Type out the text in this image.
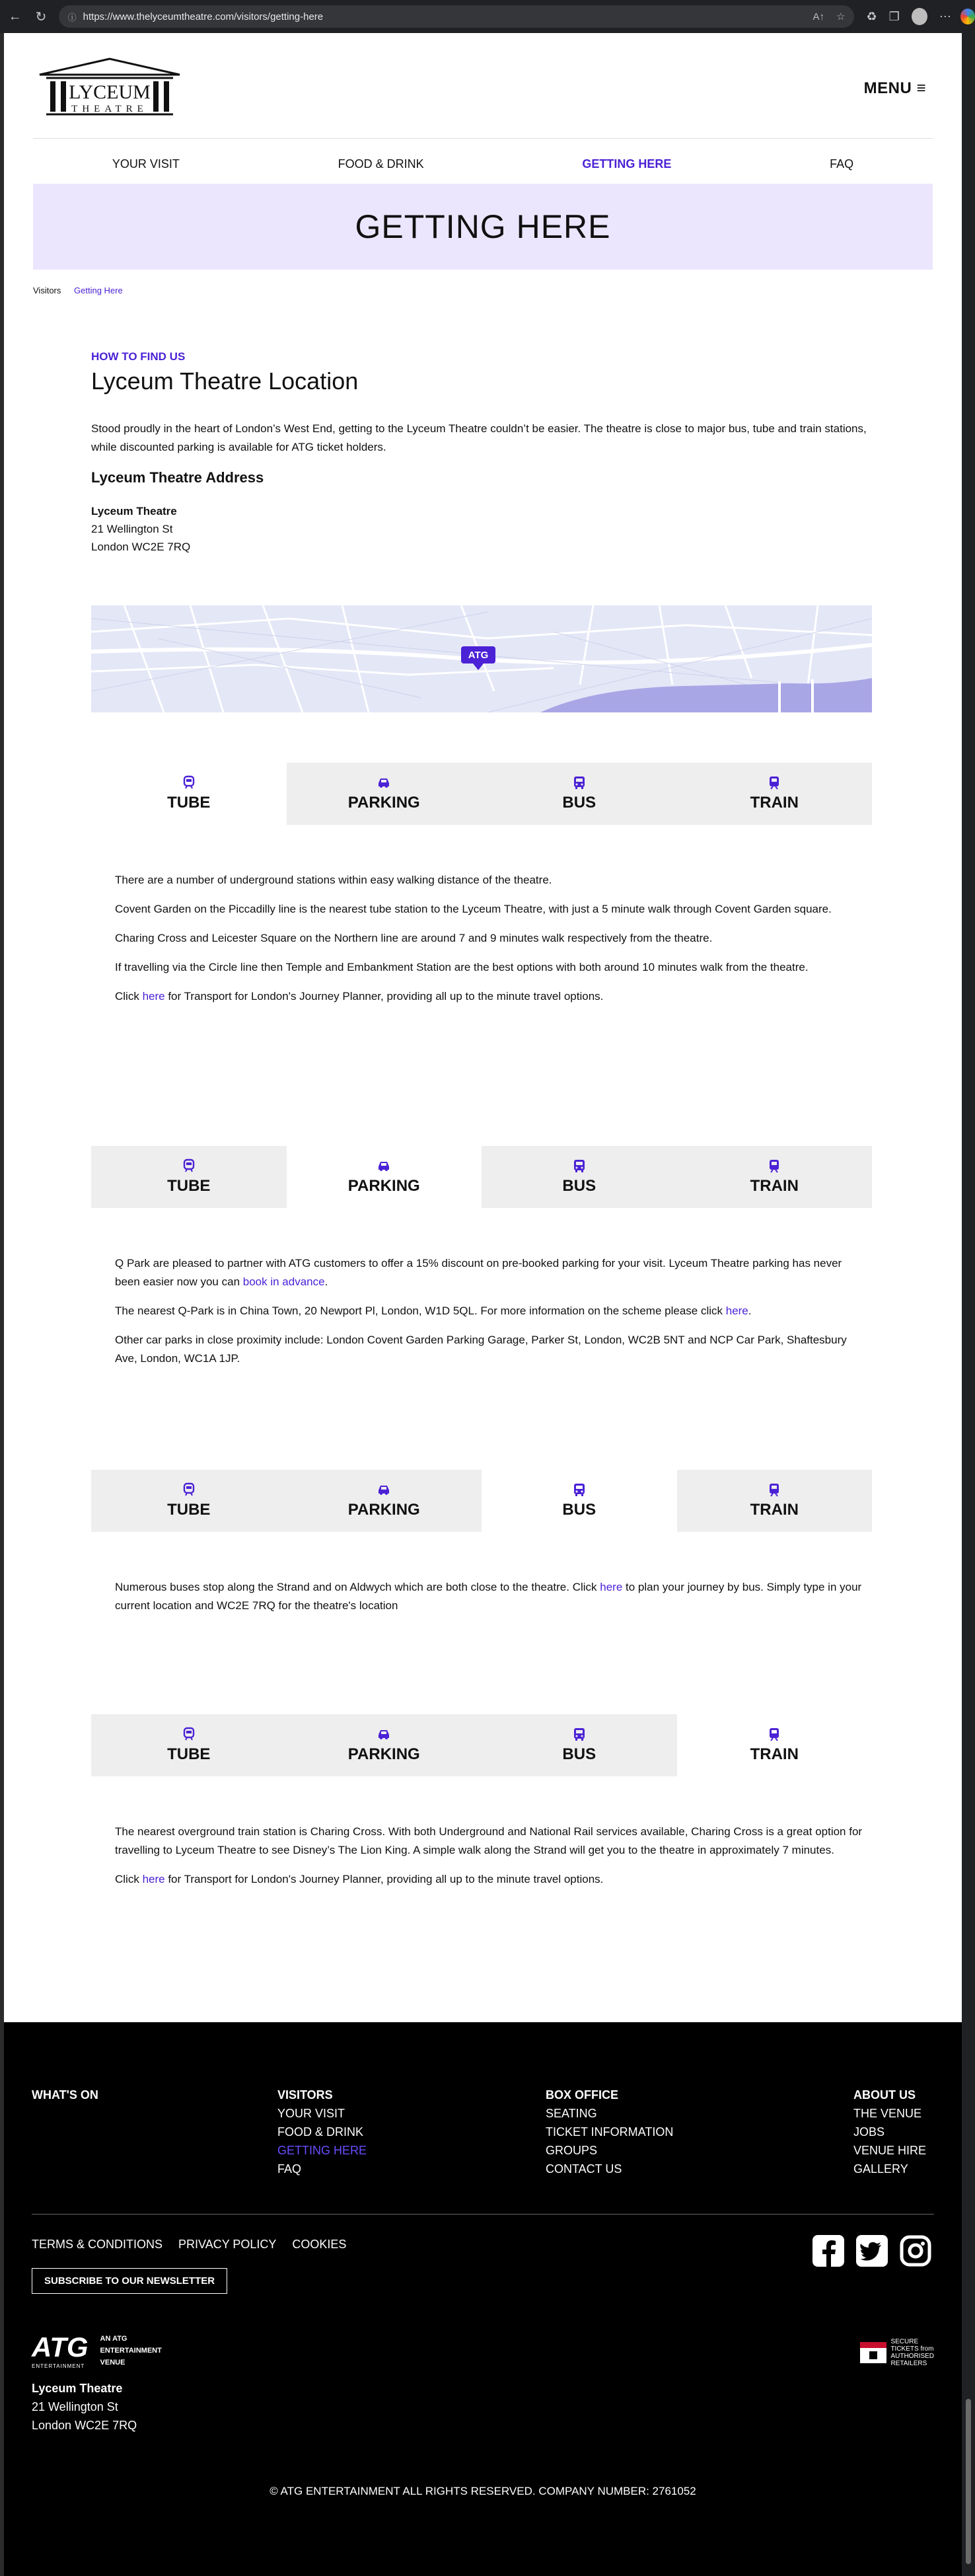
←	↻	ⓘ https://www.thelyceumtheatre.com/visitors/getting-here	A↑ ☆ ♻ ❐	⋯
LYCEUM
THEATRE
MENU ≡
YOUR VISIT	FOOD & DRINK	GETTING HERE	FAQ
GETTING HERE
Visitors Getting Here
HOW TO FIND US
Lyceum Theatre Location
Stood proudly in the heart of London’s West End, getting to the Lyceum Theatre couldn’t be easier. The theatre is close to major bus, tube and train stations, while discounted parking is available for ATG ticket holders.
Lyceum Theatre Address
Lyceum Theatre
21 Wellington St
London WC2E 7RQ
ATG
TUBE	PARKING	BUS	TRAIN

There are a number of underground stations within easy walking distance of the theatre.

Covent Garden on the Piccadilly line is the nearest tube station to the Lyceum Theatre, with just a 5 minute walk through Covent Garden square.

Charing Cross and Leicester Square on the Northern line are around 7 and 9 minutes walk respectively from the theatre.

If travelling via the Circle line then Temple and Embankment Station are the best options with both around 10 minutes walk from the theatre.

Click here for Transport for London's Journey Planner, providing all up to the minute travel options.

TUBE	PARKING	BUS	TRAIN

Q Park are pleased to partner with ATG customers to offer a 15% discount on pre-booked parking for your visit. Lyceum Theatre parking has never been easier now you can book in advance.

The nearest Q-Park is in China Town, 20 Newport Pl, London, W1D 5QL. For more information on the scheme please click here.

Other car parks in close proximity include: London Covent Garden Parking Garage, Parker St, London, WC2B 5NT and NCP Car Park, Shaftesbury Ave, London, WC1A 1JP.

TUBE	PARKING	BUS	TRAIN

Numerous buses stop along the Strand and on Aldwych which are both close to the theatre. Click here to plan your journey by bus. Simply type in your current location and WC2E 7RQ for the theatre's location

TUBE	PARKING	BUS	TRAIN

The nearest overground train station is Charing Cross. With both Underground and National Rail services available, Charing Cross is a great option for travelling to Lyceum Theatre to see Disney’s The Lion King. A simple walk along the Strand will get you to the theatre in approximately 7 minutes.

Click here for Transport for London's Journey Planner, providing all up to the minute travel options.

WHAT'S ON	VISITORS
YOUR VISIT
FOOD & DRINK
GETTING HERE
FAQ
BOX OFFICE
SEATING
TICKET INFORMATION
GROUPS
CONTACT US
ABOUT US
THE VENUE
JOBS
VENUE HIRE
GALLERY
TERMS & CONDITIONS PRIVACY POLICY COOKIES
SUBSCRIBE TO OUR NEWSLETTER
ATG
ENTERTAINMENT
AN ATG
ENTERTAINMENT
VENUE
SECURE
TICKETS from
AUTHORISED
RETAILERS
Lyceum Theatre
21 Wellington St
London WC2E 7RQ
© ATG ENTERTAINMENT ALL RIGHTS RESERVED. COMPANY NUMBER: 2761052
